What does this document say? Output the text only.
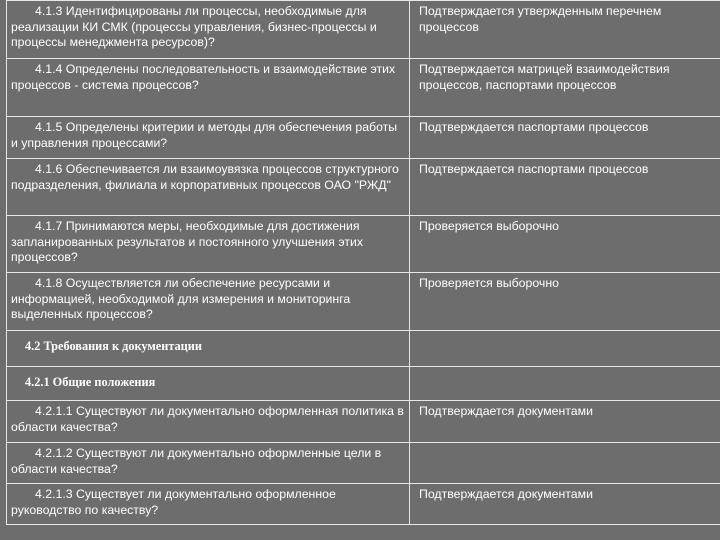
4.1.3 Идентифицированы ли процессы, необходимые для реализации КИ СМК (процессы управления, бизнес-процессы и процессы менеджмента ресурсов)?	Подтверждается утвержденным перечнем процессов

4.1.4 Определены последовательность и взаимодействие этих процессов - система процессов?	Подтверждается матрицей взаимодействия процессов, паспортами процессов

4.1.5 Определены критерии и методы для обеспечения работы и управления процессами?	Подтверждается паспортами процессов

4.1.6 Обеспечивается ли взаимоувязка процессов структурного подразделения, филиала и корпоративных процессов ОАО "РЖД"	Подтверждается паспортами процессов

4.1.7 Принимаются меры, необходимые для достижения запланированных результатов и постоянного улучшения этих процессов?	Проверяется выборочно

4.1.8 Осуществляется ли обеспечение ресурсами и информацией, необходимой для измерения и мониторинга выделенных процессов?	Проверяется выборочно
4.2 Требования к документации	
4.2.1 Общие положения	

4.2.1.1 Существуют ли документально оформленная политика в области качества?	Подтверждается документами

4.2.1.2 Существуют ли документально оформленные цели в области качества?	

4.2.1.3 Существует ли документально оформленное руководство по качеству?	Подтверждается документами
